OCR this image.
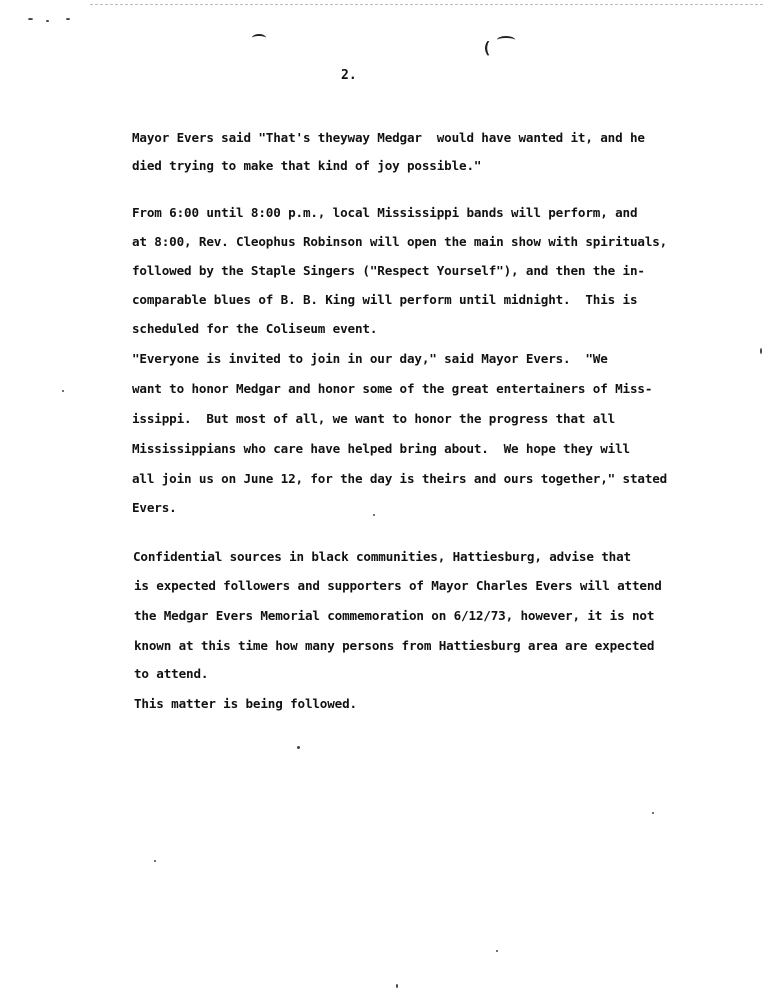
(
2.
Mayor Evers said "That's theyway Medgar  would have wanted it, and he
died trying to make that kind of joy possible."
From 6:00 until 8:00 p.m., local Mississippi bands will perform, and
at 8:00, Rev. Cleophus Robinson will open the main show with spirituals,
followed by the Staple Singers ("Respect Yourself"), and then the in-
comparable blues of B. B. King will perform until midnight.  This is
scheduled for the Coliseum event.
"Everyone is invited to join in our day," said Mayor Evers.  "We
want to honor Medgar and honor some of the great entertainers of Miss-
issippi.  But most of all, we want to honor the progress that all
Mississippians who care have helped bring about.  We hope they will
all join us on June 12, for the day is theirs and ours together," stated
Evers.
Confidential sources in black communities, Hattiesburg, advise that
is expected followers and supporters of Mayor Charles Evers will attend
the Medgar Evers Memorial commemoration on 6/12/73, however, it is not
known at this time how many persons from Hattiesburg area are expected
to attend.
This matter is being followed.
